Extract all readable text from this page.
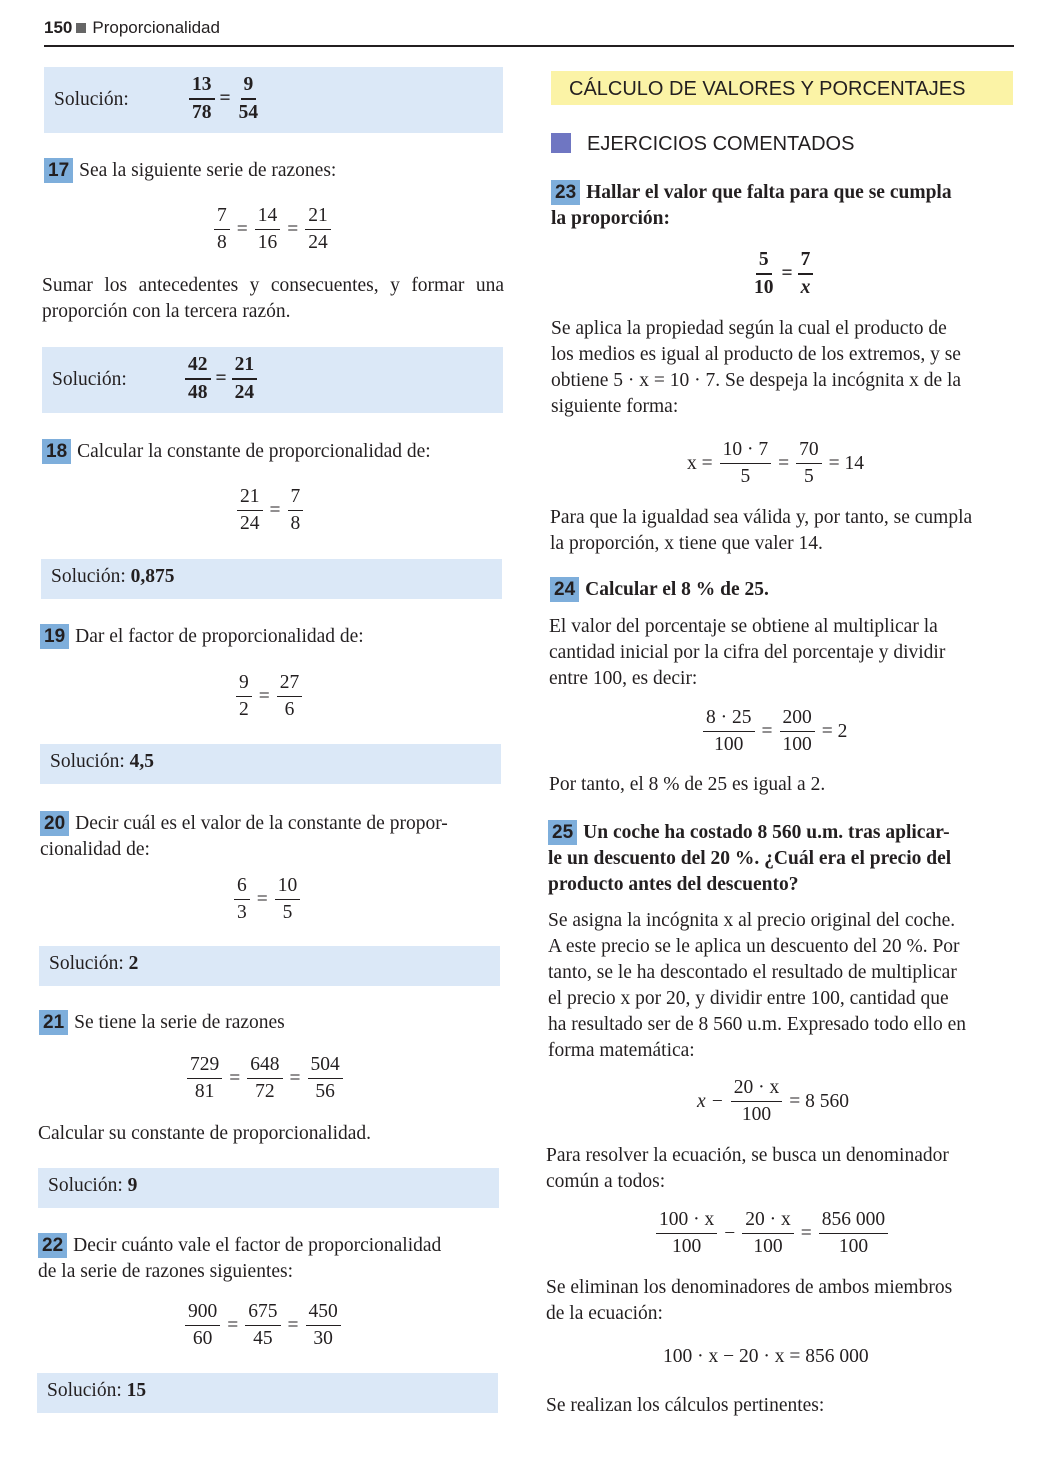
150 Proporcionalidad
Solución:	$\frac{13}{78} = \frac{9}{54}$
17 Sea la siguiente serie de razones:
$\frac{7}{8} = \frac{14}{16} = \frac{21}{24}$
Sumar los antecedentes y consecuentes, y formar una proporción con la tercera razón.
Solución:	$\frac{42}{48} = \frac{21}{24}$
18 Calcular la constante de proporcionalidad de:
$\frac{21}{24} = \frac{7}{8}$
Solución: 0,875
19 Dar el factor de proporcionalidad de:
$\frac{9}{2} = \frac{27}{6}$
Solución: 4,5
20 Decir cuál es el valor de la constante de propor-
cionalidad de:
$\frac{6}{3} = \frac{10}{5}$
Solución: 2
21 Se tiene la serie de razones
$\frac{729}{81} = \frac{648}{72} = \frac{504}{56}$
Calcular su constante de proporcionalidad.
Solución: 9
22 Decir cuánto vale el factor de proporcionalidad
de la serie de razones siguientes:
$\frac{900}{60} = \frac{675}{45} = \frac{450}{30}$
Solución: 15
CÁLCULO DE VALORES Y PORCENTAJES
EJERCICIOS COMENTADOS
23 Hallar el valor que falta para que se cumpla
la proporción:
$\frac{5}{10} = \frac{7}{x}$
Se aplica la propiedad según la cual el producto de
los medios es igual al producto de los extremos, y se
obtiene 5 · x = 10 · 7. Se despeja la incógnita x de la
siguiente forma:
$x = \frac{10 \cdot 7}{5} = \frac{70}{5} = 14$
Para que la igualdad sea válida y, por tanto, se cumpla
la proporción, x tiene que valer 14.
24 Calcular el 8 % de 25.
El valor del porcentaje se obtiene al multiplicar la
cantidad inicial por la cifra del porcentaje y dividir
entre 100, es decir:
$\frac{8 \cdot 25}{100} = \frac{200}{100} = 2$
Por tanto, el 8 % de 25 es igual a 2.
25 Un coche ha costado 8 560 u.m. tras aplicar-
le un descuento del 20 %. ¿Cuál era el precio del
producto antes del descuento?
Se asigna la incógnita x al precio original del coche.
A este precio se le aplica un descuento del 20 %. Por
tanto, se le ha descontado el resultado de multiplicar
el precio x por 20, y dividir entre 100, cantidad que
ha resultado ser de 8 560 u.m. Expresado todo ello en
forma matemática:
$x - \frac{20 \cdot x}{100} = 8$ 560
Para resolver la ecuación, se busca un denominador
común a todos:
$\frac{100 \cdot x}{100} - \frac{20 \cdot x}{100} = \frac{856 000}{100}$
Se eliminan los denominadores de ambos miembros
de la ecuación:
100 · x − 20 · x = 856 000
Se realizan los cálculos pertinentes:
